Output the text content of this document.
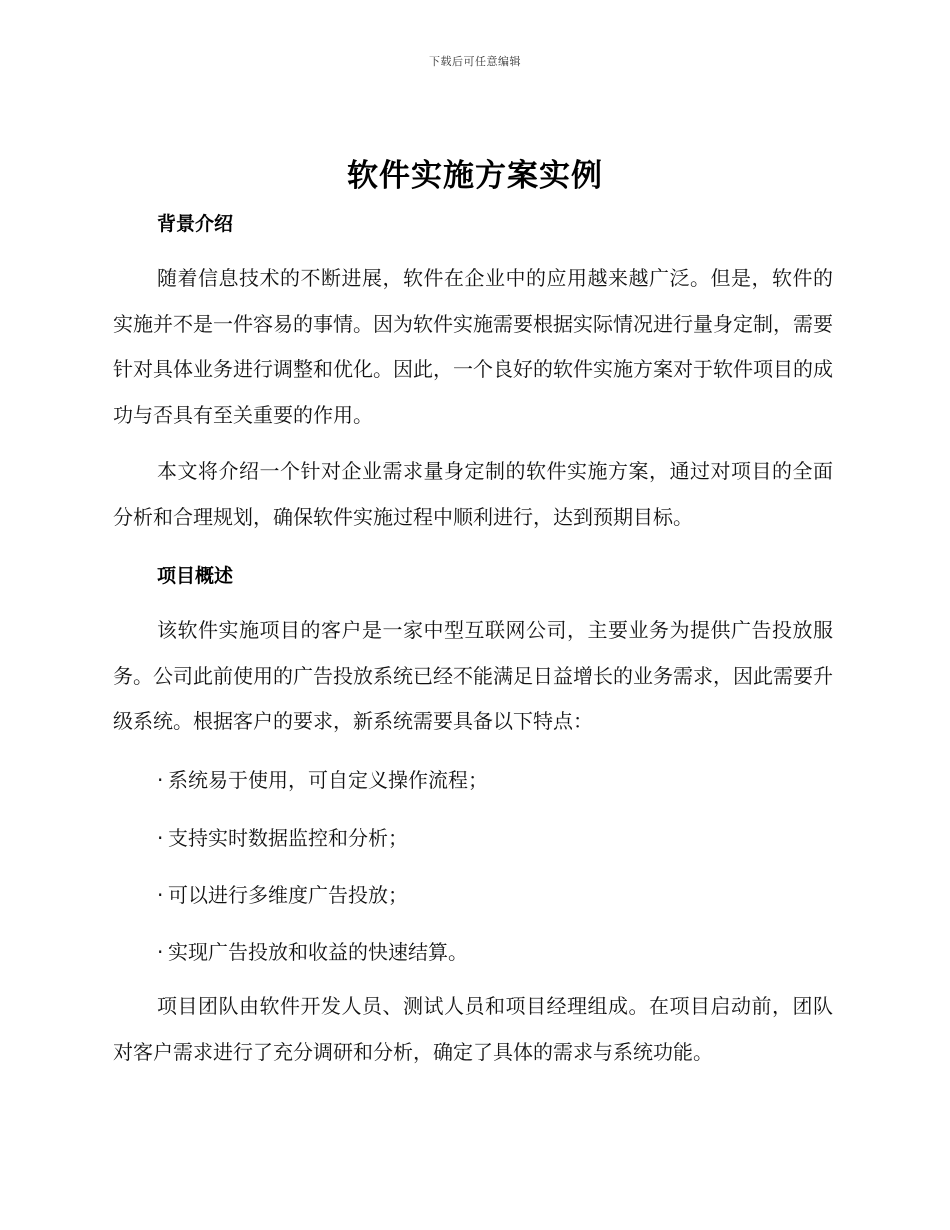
下载后可任意编辑
软件实施方案实例
背景介绍

随着信息技术的不断进展，软件在企业中的应用越来越广泛。但是，软件的实施并不是一件容易的事情。因为软件实施需要根据实际情况进行量身定制，需要针对具体业务进行调整和优化。因此，一个良好的软件实施方案对于软件项目的成功与否具有至关重要的作用。

本文将介绍一个针对企业需求量身定制的软件实施方案，通过对项目的全面分析和合理规划，确保软件实施过程中顺利进行，达到预期目标。

项目概述

该软件实施项目的客户是一家中型互联网公司，主要业务为提供广告投放服务。公司此前使用的广告投放系统已经不能满足日益增长的业务需求，因此需要升级系统。根据客户的要求，新系统需要具备以下特点：

· 系统易于使用，可自定义操作流程；

· 支持实时数据监控和分析；

· 可以进行多维度广告投放；

· 实现广告投放和收益的快速结算。

项目团队由软件开发人员、测试人员和项目经理组成。在项目启动前，团队对客户需求进行了充分调研和分析，确定了具体的需求与系统功能。
